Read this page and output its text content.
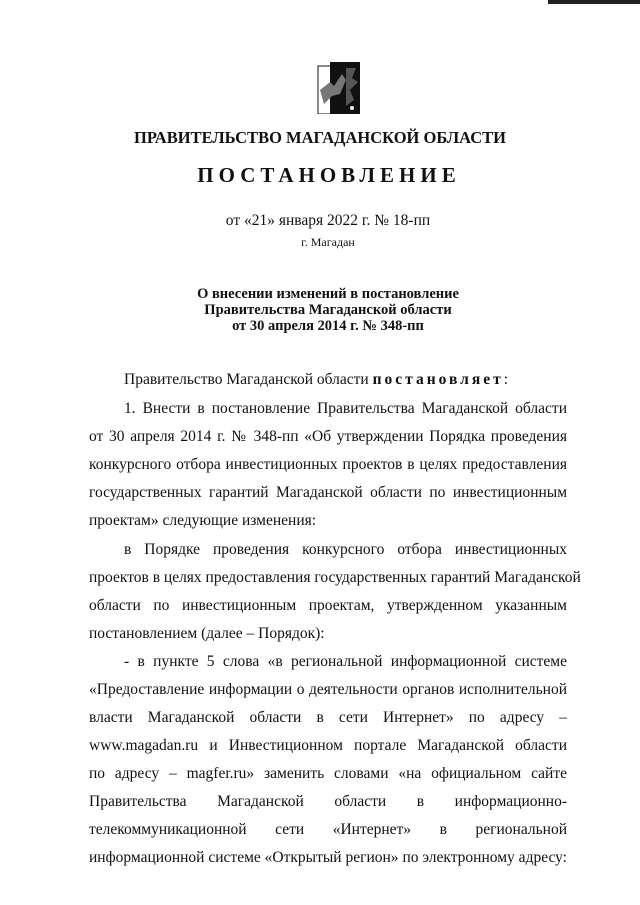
ПРАВИТЕЛЬСТВО МАГАДАНСКОЙ ОБЛАСТИ
ПОСТАНОВЛЕНИЕ
от «21» января 2022 г. № 18-пп
г. Магадан
О внесении изменений в постановление
Правительства Магаданской области
от 30 апреля 2014 г. № 348-пп
Правительство Магаданской области постановляет:
1. Внести в постановление Правительства Магаданской области
от 30 апреля 2014 г. № 348-пп «Об утверждении Порядка проведения
конкурсного отбора инвестиционных проектов в целях предоставления
государственных гарантий Магаданской области по инвестиционным
проектам» следующие изменения:
в Порядке проведения конкурсного отбора инвестиционных
проектов в целях предоставления государственных гарантий Магаданской
области по инвестиционным проектам, утвержденном указанным
постановлением (далее – Порядок):
- в пункте 5 слова «в региональной информационной системе
«Предоставление информации о деятельности органов исполнительной
власти Магаданской области в сети Интернет» по адресу –
www.magadan.ru и Инвестиционном портале Магаданской области
по адресу – magfer.ru» заменить словами «на официальном сайте
Правительства Магаданской области в информационно-
телекоммуникационной сети «Интернет» в региональной
информационной системе «Открытый регион» по электронному адресу:
